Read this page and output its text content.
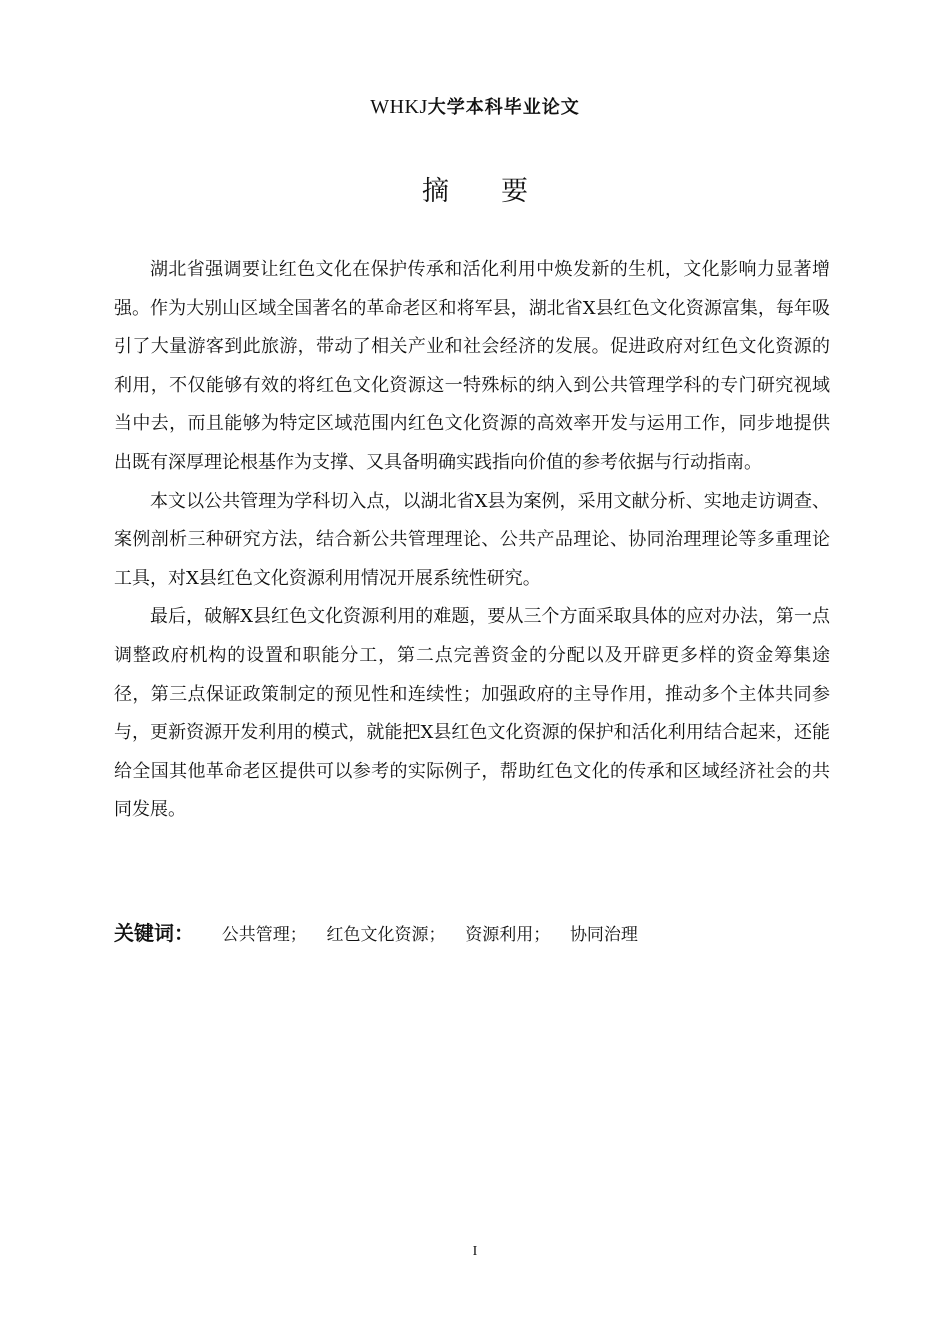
WHKJ大学本科毕业论文
摘要

湖北省强调要让红色文化在保护传承和活化利用中焕发新的生机，文化影响力显著增强。作为大别山区域全国著名的革命老区和将军县，湖北省X县红色文化资源富集，每年吸引了大量游客到此旅游，带动了相关产业和社会经济的发展。促进政府对红色文化资源的利用，不仅能够有效的将红色文化资源这一特殊标的纳入到公共管理学科的专门研究视域当中去，而且能够为特定区域范围内红色文化资源的高效率开发与运用工作，同步地提供出既有深厚理论根基作为支撑、又具备明确实践指向价值的参考依据与行动指南。

本文以公共管理为学科切入点，以湖北省X县为案例，采用文献分析、实地走访调查、案例剖析三种研究方法，结合新公共管理理论、公共产品理论、协同治理理论等多重理论工具，对X县红色文化资源利用情况开展系统性研究。

最后，破解X县红色文化资源利用的难题，要从三个方面采取具体的应对办法，第一点调整政府机构的设置和职能分工，第二点完善资金的分配以及开辟更多样的资金筹集途径，第三点保证政策制定的预见性和连续性；加强政府的主导作用，推动多个主体共同参与，更新资源开发利用的模式，就能把X县红色文化资源的保护和活化利用结合起来，还能给全国其他革命老区提供可以参考的实际例子，帮助红色文化的传承和区域经济社会的共同发展。

关键词： 公共管理； 红色文化资源； 资源利用； 协同治理
I
